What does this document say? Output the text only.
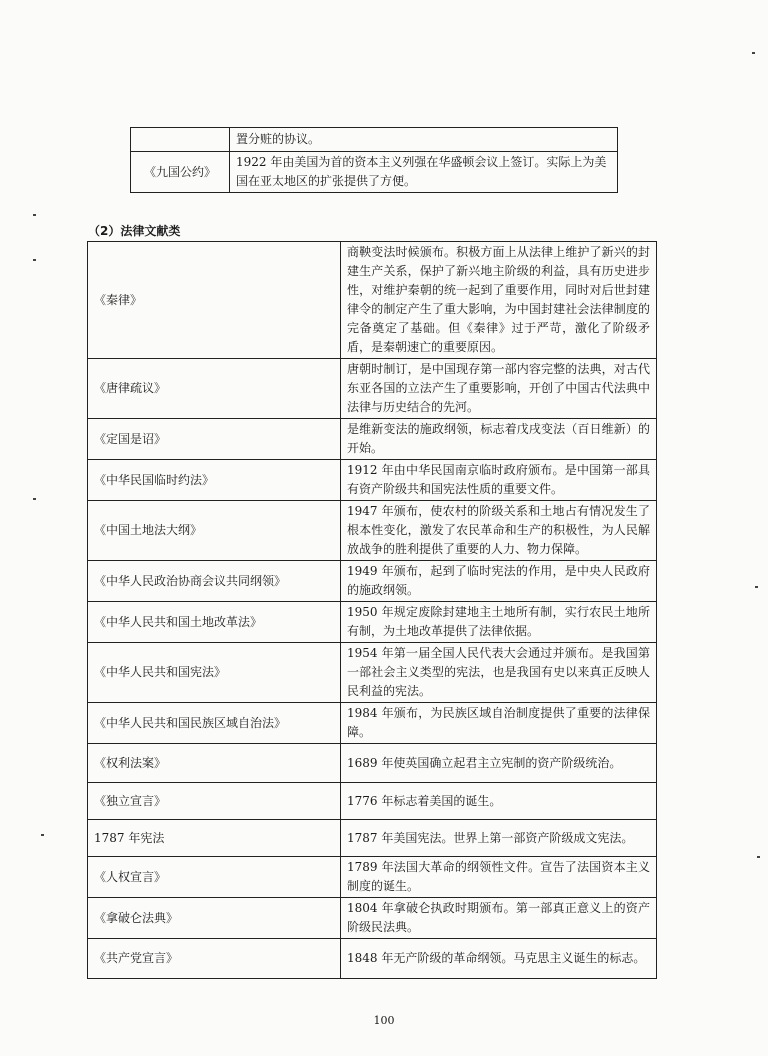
	置分赃的协议。
《九国公约》	1922 年由美国为首的资本主义列强在华盛顿会议上签订。实际上为美国在亚太地区的扩张提供了方便。
（2）法律文献类
《秦律》	商鞅变法时候颁布。积极方面上从法律上维护了新兴的封建生产关系，保护了新兴地主阶级的利益，具有历史进步性，对维护秦朝的统一起到了重要作用，同时对后世封建律令的制定产生了重大影响，为中国封建社会法律制度的完备奠定了基础。但《秦律》过于严苛，激化了阶级矛盾，是秦朝速亡的重要原因。
《唐律疏议》	唐朝时制订，是中国现存第一部内容完整的法典，对古代东亚各国的立法产生了重要影响，开创了中国古代法典中法律与历史结合的先河。
《定国是诏》	是维新变法的施政纲领，标志着戊戌变法（百日维新）的开始。
《中华民国临时约法》	1912 年由中华民国南京临时政府颁布。是中国第一部具有资产阶级共和国宪法性质的重要文件。
《中国土地法大纲》	1947 年颁布，使农村的阶级关系和土地占有情况发生了根本性变化，激发了农民革命和生产的积极性，为人民解放战争的胜利提供了重要的人力、物力保障。
《中华人民政治协商会议共同纲领》	1949 年颁布，起到了临时宪法的作用，是中央人民政府的施政纲领。
《中华人民共和国土地改革法》	1950 年规定废除封建地主土地所有制，实行农民土地所有制，为土地改革提供了法律依据。
《中华人民共和国宪法》	1954 年第一届全国人民代表大会通过并颁布。是我国第一部社会主义类型的宪法，也是我国有史以来真正反映人民利益的宪法。
《中华人民共和国民族区域自治法》	1984 年颁布，为民族区域自治制度提供了重要的法律保障。
《权利法案》	1689 年使英国确立起君主立宪制的资产阶级统治。
《独立宣言》	1776 年标志着美国的诞生。
1787 年宪法	1787 年美国宪法。世界上第一部资产阶级成文宪法。
《人权宣言》	1789 年法国大革命的纲领性文件。宣告了法国资本主义制度的诞生。
《拿破仑法典》	1804 年拿破仑执政时期颁布。第一部真正意义上的资产阶级民法典。
《共产党宣言》	1848 年无产阶级的革命纲领。马克思主义诞生的标志。
100
